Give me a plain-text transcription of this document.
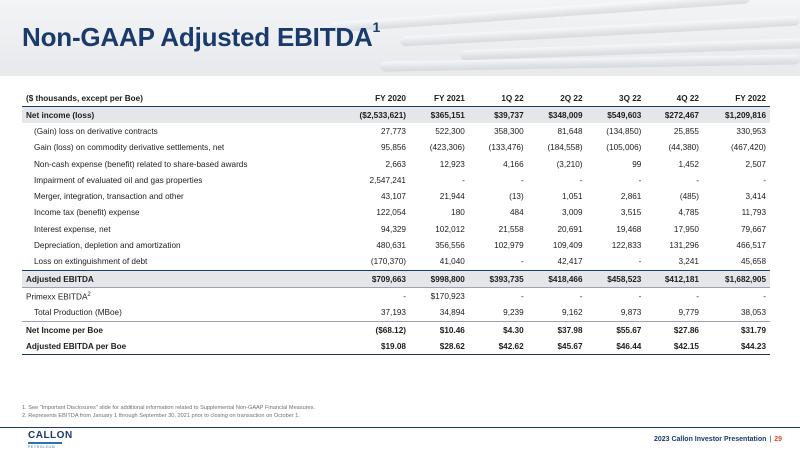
Non-GAAP Adjusted EBITDA$^1$
($ thousands, except per Boe)	FY 2020	FY 2021	1Q 22	2Q 22	3Q 22	4Q 22	FY 2022
Net income (loss)	($2,533,621)	$365,151	$39,737	$348,009	$549,603	$272,467	$1,209,816
(Gain) loss on derivative contracts	27,773	522,300	358,300	81,648	(134,850)	25,855	330,953
Gain (loss) on commodity derivative settlements, net	95,856	(423,306)	(133,476)	(184,558)	(105,006)	(44,380)	(467,420)
Non-cash expense (benefit) related to share-based awards	2,663	12,923	4,166	(3,210)	99	1,452	2,507
Impairment of evaluated oil and gas properties	2,547,241	-	-	-	-	-	-
Merger, integration, transaction and other	43,107	21,944	(13)	1,051	2,861	(485)	3,414
Income tax (benefit) expense	122,054	180	484	3,009	3,515	4,785	11,793
Interest expense, net	94,329	102,012	21,558	20,691	19,468	17,950	79,667
Depreciation, depletion and amortization	480,631	356,556	102,979	109,409	122,833	131,296	466,517
Loss on extinguishment of debt	(170,370)	41,040	-	42,417	-	3,241	45,658
Adjusted EBITDA	$709,663	$998,800	$393,735	$418,466	$458,523	$412,181	$1,682,905
Primexx EBITDA$^2$	-	$170,923	-	-	-	-	-
Total Production (MBoe)	37,193	34,894	9,239	9,162	9,873	9,779	38,053
Net Income per Boe	($68.12)	$10.46	$4.30	$37.98	$55.67	$27.86	$31.79
Adjusted EBITDA per Boe	$19.08	$28.62	$42.62	$45.67	$46.44	$42.15	$44.23
1. See "Important Disclosures" slide for additional information related to Supplemental Non-GAAP Financial Measures.
2. Represents EBITDA from January 1 through September 30, 2021 prior to closing on transaction on October 1.
CALLON
PETROLEUM
2023 Callon Investor Presentation | 29
